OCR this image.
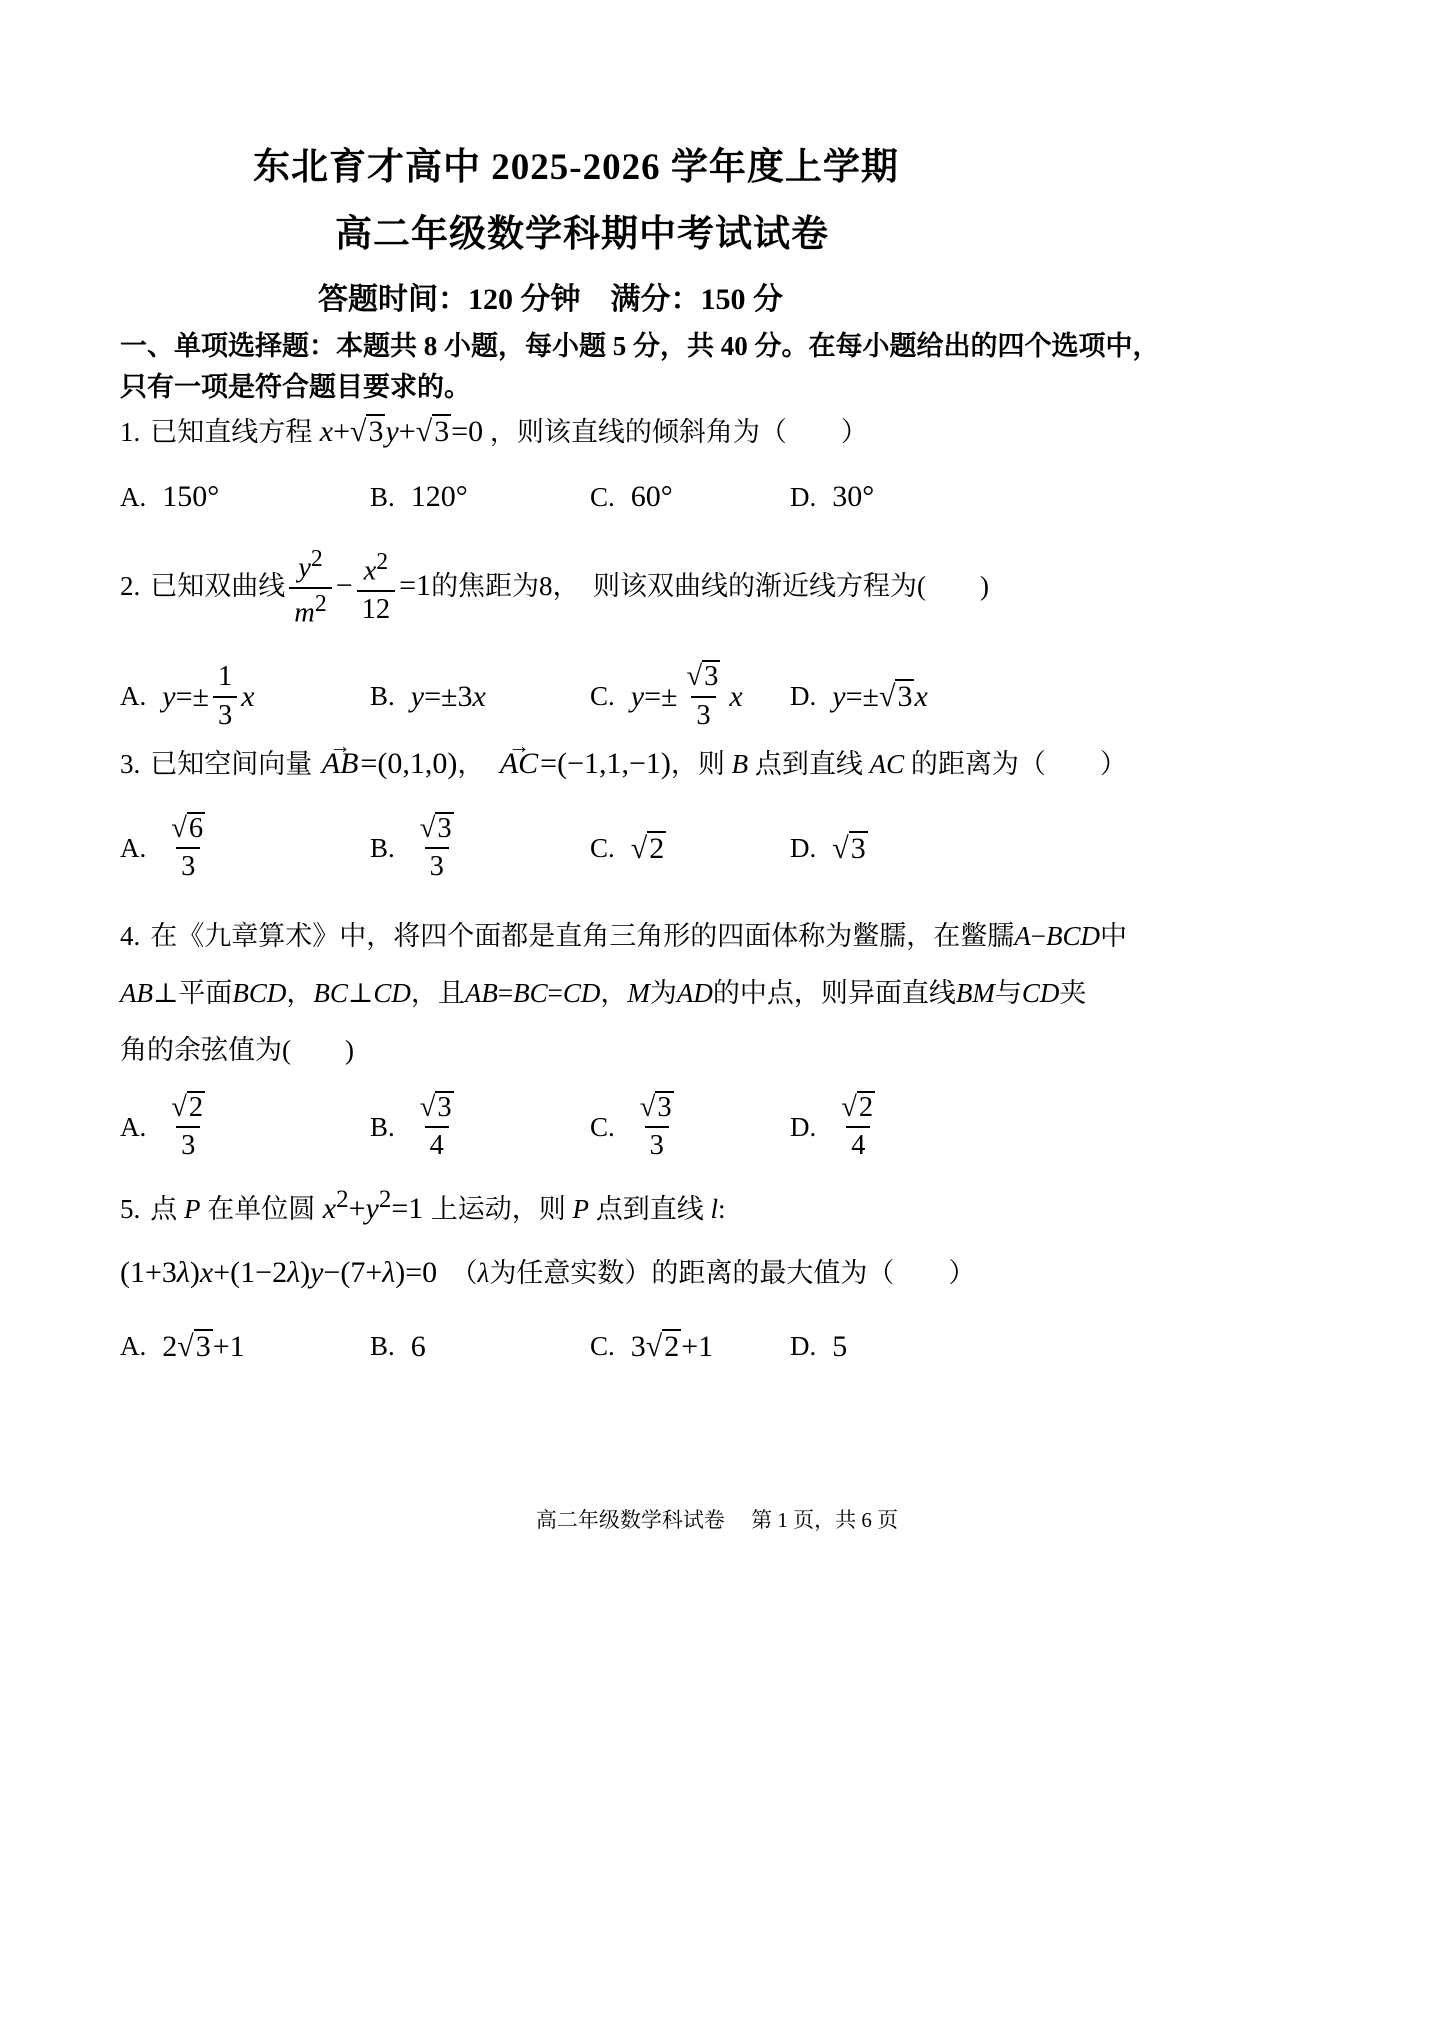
东北育才高中 2025-2026 学年度上学期
高二年级数学科期中考试试卷
答题时间：120 分钟　满分：150 分
一、单项选择题：本题共 8 小题，每小题 5 分，共 40 分。在每小题给出的四个选项中，
只有一项是符合题目要求的。
1. 已知直线方程 x+√3y+√3=0 ，则该直线的倾斜角为（  ）
A. 150°	B. 120°	C. 60°	D. 30°
2. 已知双曲线 $\frac{y^2}{m^2} - \frac{x^2}{12} =1$的焦距为8， 则该双曲线的渐近线方程为(  )
A. $y =\pm \frac{1}{3}$ x	B. y =±3 x	C. $y =\pm \frac{√3}{3}$ x D. y =± √3 x
3. 已知空间向量 AB →=(0,1,0)， AC →=(−1,1,−1)，则 B 点到直线 AC 的距离为（  ）
A. $\frac{√6}{3}$	B. $\frac{√3}{3}$	C. √2	D. √3
4. 在《九章算术》中，将四个面都是直角三角形的四面体称为鳖臑，在鳖臑A−BCD中
AB⊥平面BCD，BC⊥CD，且AB=BC=CD，M为AD的中点，则异面直线BM与CD夹
角的余弦值为(  )
A. $\frac{√2}{3}$	B. $\frac{√3}{4}$	C. $\frac{√3}{3}$	D. $\frac{√2}{4}$
5. 点 P 在单位圆 $x^2+y^2=1$ 上运动，则 P 点到直线 l:
(1+3λ)x+(1−2λ)y−(7+λ)=0 （λ为任意实数）的距离的最大值为（  ）
A. 2 √3 +1	B. 6	C. 3 √2 +1	D. 5
高二年级数学科试卷　 第 1 页，共 6 页
